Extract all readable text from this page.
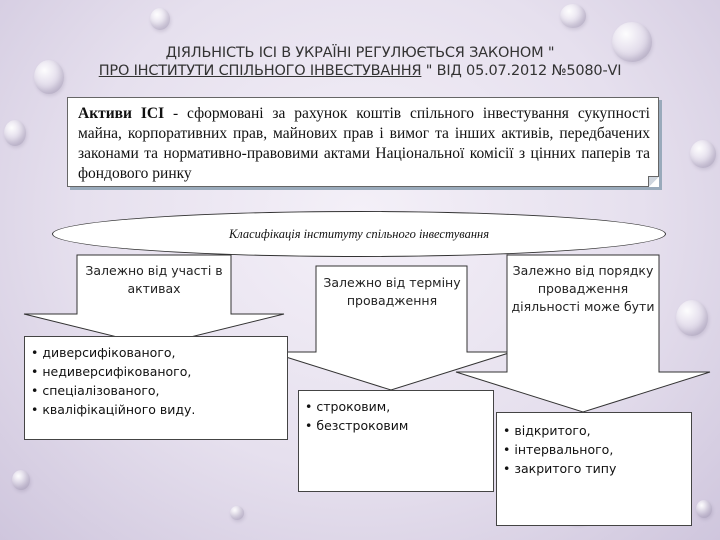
ДІЯЛЬНІСТЬ ІСІ В УКРАЇНІ РЕГУЛЮЄТЬСЯ ЗАКОНОМ "
ПРО ІНСТИТУТИ СПІЛЬНОГО ІНВЕСТУВАННЯ " ВІД 05.07.2012 №5080-VI
Активи ІСІ - сформовані за рахунок коштів спільного інвестування сукупності майна, корпоративних прав, майнових прав і вимог та інших активів, передбачених законами та нормативно-правовими актами Національної комісії з цінних паперів та фондового ринку
Класифікація інституту спільного інвестування
Залежно від участі в активах	Залежно від терміну провадження
Залежно від порядку провадження діяльності може бути
• диверсифікованого,
• недиверсифікованого,
• спеціалізованого,
• кваліфікаційного виду.	• строковим,
• безстроковим	• відкритого,
• інтервального,
• закритого типу
